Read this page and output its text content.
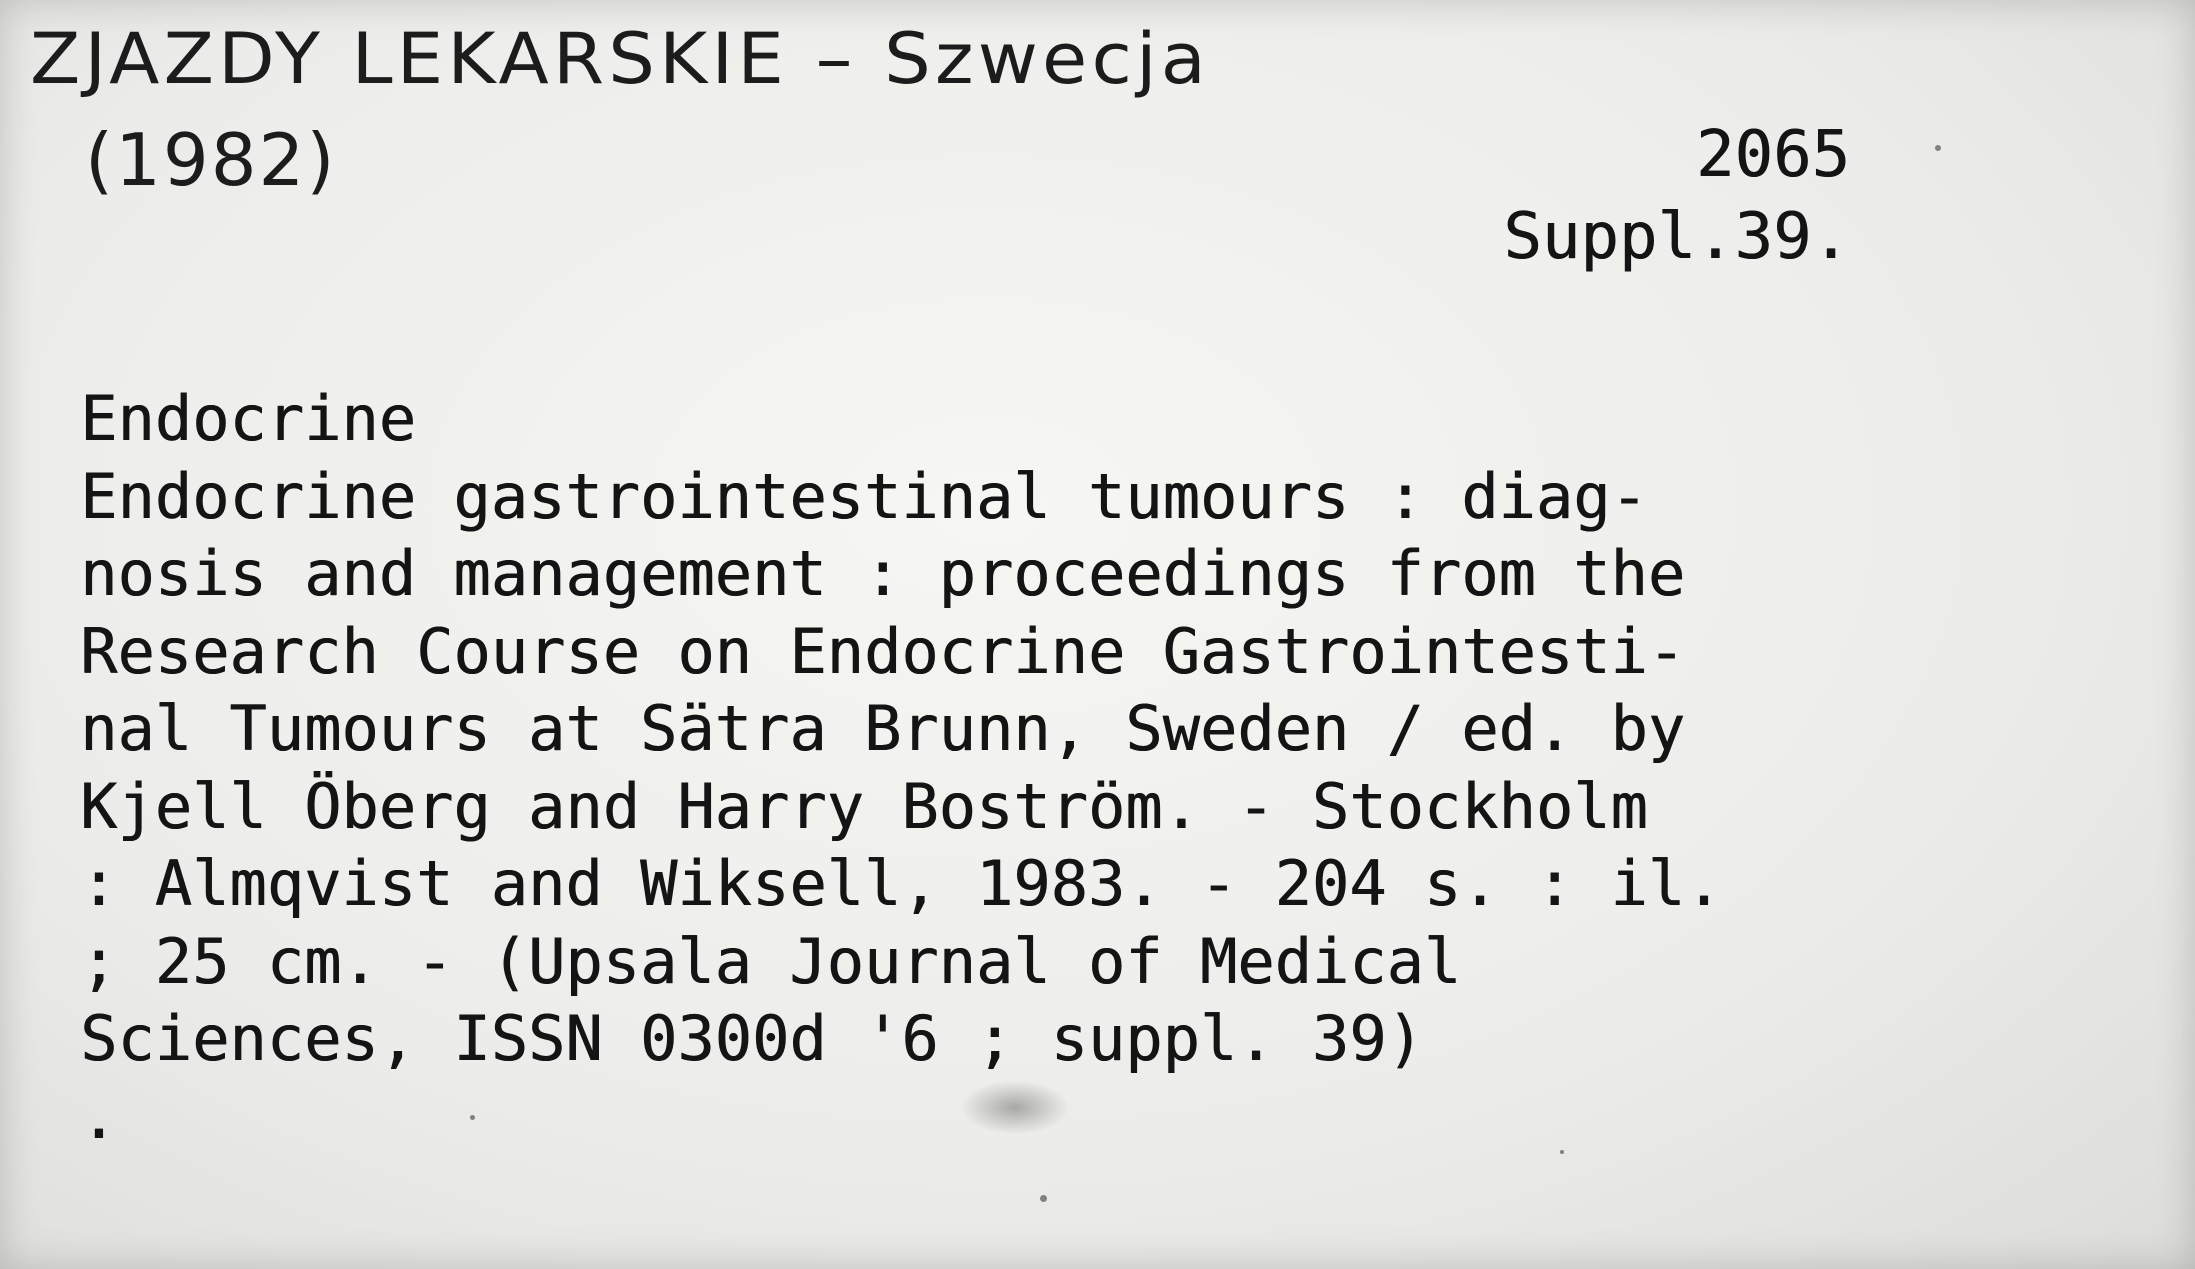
ZJAZDY LEKARSKIE – Szwecja
(1982)	2065
Suppl.39.
Endocrine
Endocrine gastrointestinal tumours : diag-
nosis and management : proceedings from the
Research Course on Endocrine Gastrointesti-
nal Tumours at Sätra Brunn, Sweden / ed. by
Kjell Öberg and Harry Boström. - Stockholm
: Almqvist and Wiksell, 1983. - 204 s. : il.
; 25 cm. - (Upsala Journal of Medical
Sciences, ISSN 0300d '6 ; suppl. 39)
.
